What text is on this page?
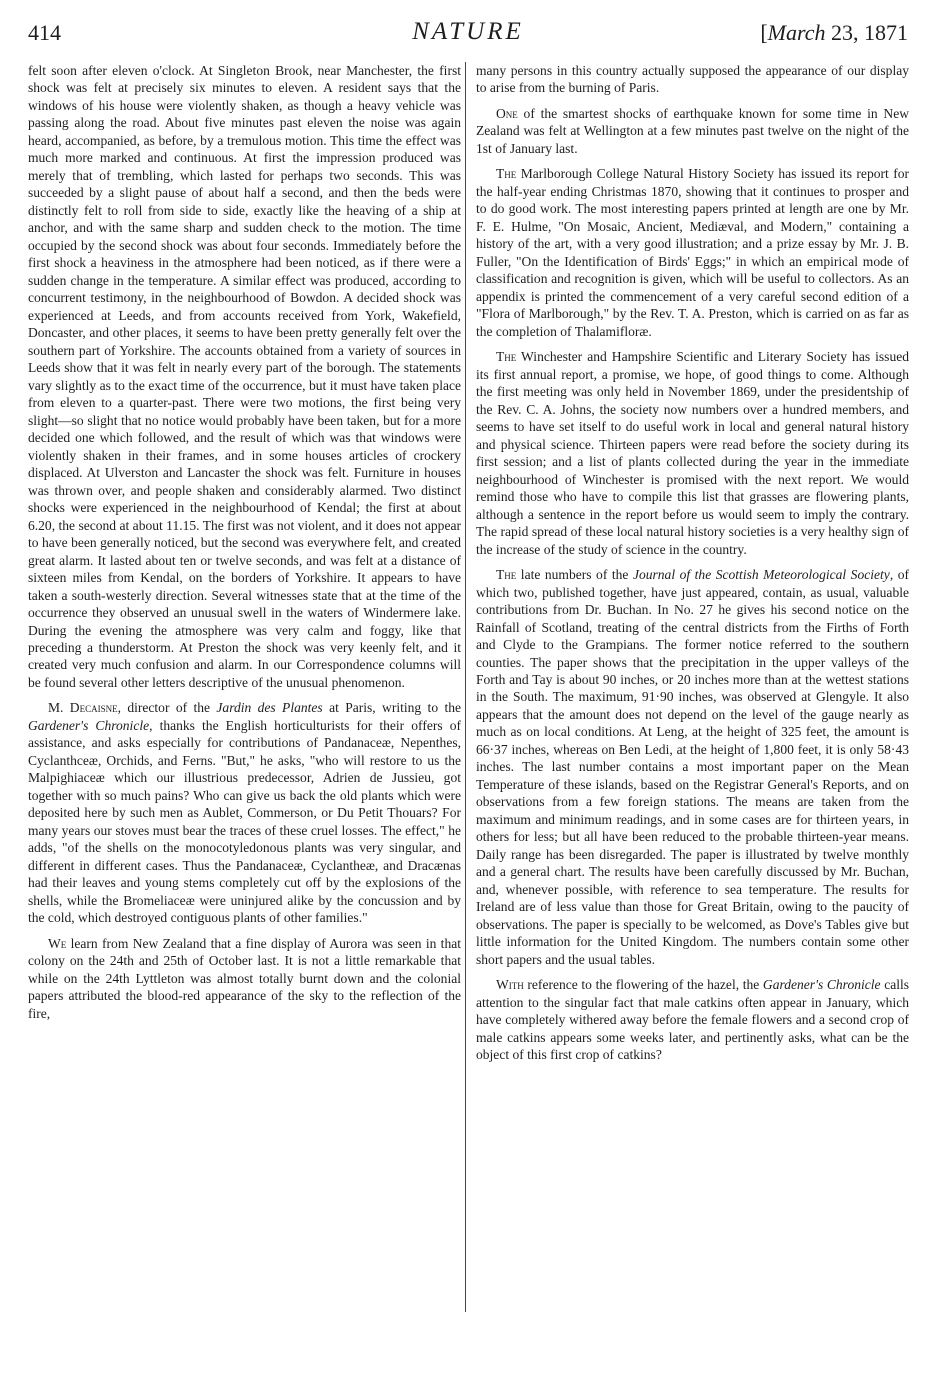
414	NATURE	[March 23, 1871

felt soon after eleven o'clock. At Singleton Brook, near Manchester, the first shock was felt at precisely six minutes to eleven. A resident says that the windows of his house were violently shaken, as though a heavy vehicle was passing along the road. About five minutes past eleven the noise was again heard, accompanied, as before, by a tremulous motion. This time the effect was much more marked and continuous. At first the impression produced was merely that of trembling, which lasted for perhaps two seconds. This was succeeded by a slight pause of about half a second, and then the beds were distinctly felt to roll from side to side, exactly like the heaving of a ship at anchor, and with the same sharp and sudden check to the motion. The time occupied by the second shock was about four seconds. Immediately before the first shock a heaviness in the atmosphere had been noticed, as if there were a sudden change in the temperature. A similar effect was produced, according to concurrent testimony, in the neighbourhood of Bowdon. A decided shock was experienced at Leeds, and from accounts received from York, Wakefield, Doncaster, and other places, it seems to have been pretty generally felt over the southern part of Yorkshire. The accounts obtained from a variety of sources in Leeds show that it was felt in nearly every part of the borough. The statements vary slightly as to the exact time of the occurrence, but it must have taken place from eleven to a quarter-past. There were two motions, the first being very slight—so slight that no notice would probably have been taken, but for a more decided one which followed, and the result of which was that windows were violently shaken in their frames, and in some houses articles of crockery displaced. At Ulverston and Lancaster the shock was felt. Furniture in houses was thrown over, and people shaken and considerably alarmed. Two distinct shocks were experienced in the neighbourhood of Kendal; the first at about 6.20, the second at about 11.15. The first was not violent, and it does not appear to have been generally noticed, but the second was everywhere felt, and created great alarm. It lasted about ten or twelve seconds, and was felt at a distance of sixteen miles from Kendal, on the borders of Yorkshire. It appears to have taken a south-westerly direction. Several witnesses state that at the time of the occurrence they observed an unusual swell in the waters of Windermere lake. During the evening the atmosphere was very calm and foggy, like that preceding a thunderstorm. At Preston the shock was very keenly felt, and it created very much confusion and alarm. In our Correspondence columns will be found several other letters descriptive of the unusual phenomenon.

M. Decaisne, director of the Jardin des Plantes at Paris, writing to the Gardener's Chronicle, thanks the English horticulturists for their offers of assistance, and asks especially for contributions of Pandanaceæ, Nepenthes, Cyclanthceæ, Orchids, and Ferns. "But," he asks, "who will restore to us the Malpighiaceæ which our illustrious predecessor, Adrien de Jussieu, got together with so much pains? Who can give us back the old plants which were deposited here by such men as Aublet, Commerson, or Du Petit Thouars? For many years our stoves must bear the traces of these cruel losses. The effect," he adds, "of the shells on the monocotyledonous plants was very singular, and different in different cases. Thus the Pandanaceæ, Cyclantheæ, and Dracænas had their leaves and young stems completely cut off by the explosions of the shells, while the Bromeliaceæ were uninjured alike by the concussion and by the cold, which destroyed contiguous plants of other families."

We learn from New Zealand that a fine display of Aurora was seen in that colony on the 24th and 25th of October last. It is not a little remarkable that while on the 24th Lyttleton was almost totally burnt down and the colonial papers attributed the blood-red appearance of the sky to the reflection of the fire,

many persons in this country actually supposed the appearance of our display to arise from the burning of Paris.

One of the smartest shocks of earthquake known for some time in New Zealand was felt at Wellington at a few minutes past twelve on the night of the 1st of January last.

The Marlborough College Natural History Society has issued its report for the half-year ending Christmas 1870, showing that it continues to prosper and to do good work. The most interesting papers printed at length are one by Mr. F. E. Hulme, "On Mosaic, Ancient, Mediæval, and Modern," containing a history of the art, with a very good illustration; and a prize essay by Mr. J. B. Fuller, "On the Identification of Birds' Eggs;" in which an empirical mode of classification and recognition is given, which will be useful to collectors. As an appendix is printed the commencement of a very careful second edition of a "Flora of Marlborough," by the Rev. T. A. Preston, which is carried on as far as the completion of Thalamifloræ.

The Winchester and Hampshire Scientific and Literary Society has issued its first annual report, a promise, we hope, of good things to come. Although the first meeting was only held in November 1869, under the presidentship of the Rev. C. A. Johns, the society now numbers over a hundred members, and seems to have set itself to do useful work in local and general natural history and physical science. Thirteen papers were read before the society during its first session; and a list of plants collected during the year in the immediate neighbourhood of Winchester is promised with the next report. We would remind those who have to compile this list that grasses are flowering plants, although a sentence in the report before us would seem to imply the contrary. The rapid spread of these local natural history societies is a very healthy sign of the increase of the study of science in the country.

The late numbers of the Journal of the Scottish Meteorological Society, of which two, published together, have just appeared, contain, as usual, valuable contributions from Dr. Buchan. In No. 27 he gives his second notice on the Rainfall of Scotland, treating of the central districts from the Firths of Forth and Clyde to the Grampians. The former notice referred to the southern counties. The paper shows that the precipitation in the upper valleys of the Forth and Tay is about 90 inches, or 20 inches more than at the wettest stations in the South. The maximum, 91·90 inches, was observed at Glengyle. It also appears that the amount does not depend on the level of the gauge nearly as much as on local conditions. At Leng, at the height of 325 feet, the amount is 66·37 inches, whereas on Ben Ledi, at the height of 1,800 feet, it is only 58·43 inches. The last number contains a most important paper on the Mean Temperature of these islands, based on the Registrar General's Reports, and on observations from a few foreign stations. The means are taken from the maximum and minimum readings, and in some cases are for thirteen years, in others for less; but all have been reduced to the probable thirteen-year means. Daily range has been disregarded. The paper is illustrated by twelve monthly and a general chart. The results have been carefully discussed by Mr. Buchan, and, whenever possible, with reference to sea temperature. The results for Ireland are of less value than those for Great Britain, owing to the paucity of observations. The paper is specially to be welcomed, as Dove's Tables give but little information for the United Kingdom. The numbers contain some other short papers and the usual tables.

With reference to the flowering of the hazel, the Gardener's Chronicle calls attention to the singular fact that male catkins often appear in January, which have completely withered away before the female flowers and a second crop of male catkins appears some weeks later, and pertinently asks, what can be the object of this first crop of catkins?
